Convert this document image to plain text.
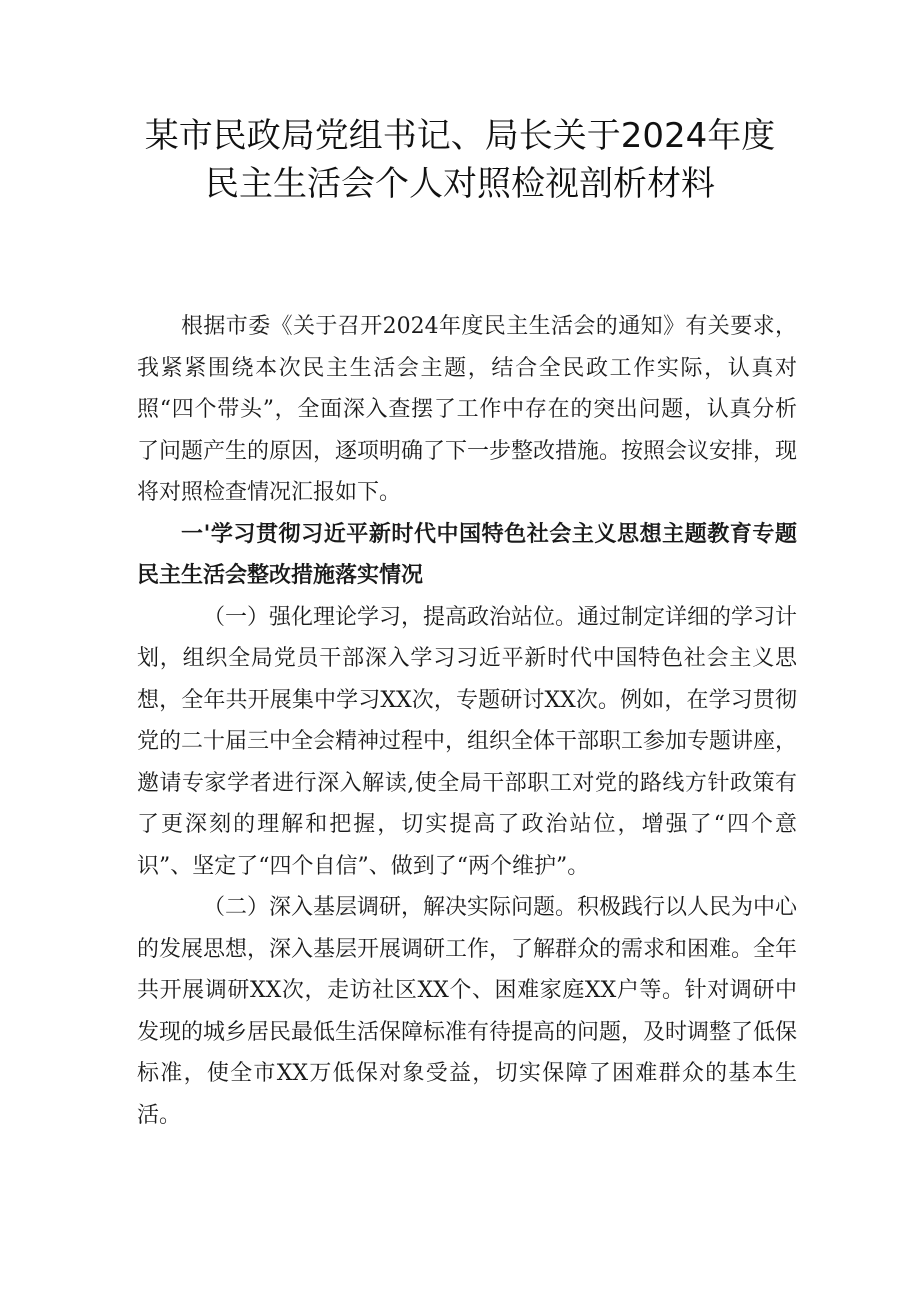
某市民政局党组书记、局长关于2024年度
民主生活会个人对照检视剖析材料

根据市委《关于召开2024年度民主生活会的通知》有关要求，我紧紧围绕本次民主生活会主题，结合全民政工作实际，认真对照“四个带头”，全面深入查摆了工作中存在的突出问题，认真分析了问题产生的原因，逐项明确了下一步整改措施。按照会议安排，现将对照检查情况汇报如下。

一'学习贯彻习近平新时代中国特色社会主义思想主题教育专题民主生活会整改措施落实情况

（一）强化理论学习，提高政治站位。通过制定详细的学习计划，组织全局党员干部深入学习习近平新时代中国特色社会主义思想，全年共开展集中学习XX次，专题研讨XX次。例如，在学习贯彻党的二十届三中全会精神过程中，组织全体干部职工参加专题讲座，邀请专家学者进行深入解读,使全局干部职工对党的路线方针政策有了更深刻的理解和把握，切实提高了政治站位，增强了“四个意识”、坚定了“四个自信”、做到了“两个维护”。

（二）深入基层调研，解决实际问题。积极践行以人民为中心的发展思想，深入基层开展调研工作，了解群众的需求和困难。全年共开展调研XX次，走访社区XX个、困难家庭XX户等。针对调研中发现的城乡居民最低生活保障标准有待提高的问题，及时调整了低保标准，使全市XX万低保对象受益，切实保障了困难群众的基本生活。
